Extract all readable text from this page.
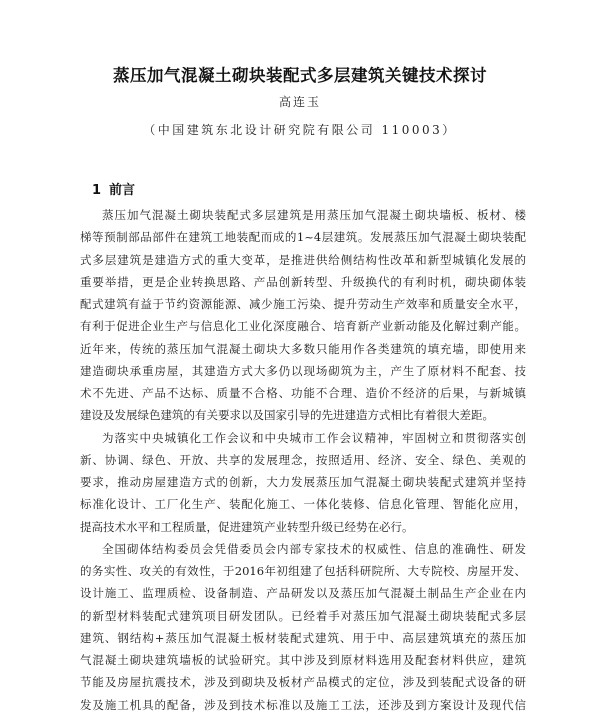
蒸压加气混凝土砌块装配式多层建筑关键技术探讨
高连玉
（中国建筑东北设计研究院有限公司 110003）
1 前言
蒸压加气混凝土砌块装配式多层建筑是用蒸压加气混凝土砌块墙板、板材、楼
梯等预制部品部件在建筑工地装配而成的1~4层建筑。发展蒸压加气混凝土砌块装配
式多层建筑是建造方式的重大变革，是推进供给侧结构性改革和新型城镇化发展的
重要举措，更是企业转换思路、产品创新转型、升级换代的有利时机，砌块砌体装
配式建筑有益于节约资源能源、减少施工污染、提升劳动生产效率和质量安全水平，
有利于促进企业生产与信息化工业化深度融合、培育新产业新动能及化解过剩产能。
近年来，传统的蒸压加气混凝土砌块大多数只能用作各类建筑的填充墙，即使用来
建造砌块承重房屋，其建造方式大多仍以现场砌筑为主，产生了原材料不配套、技
术不先进、产品不达标、质量不合格、功能不合理、造价不经济的后果，与新城镇
建设及发展绿色建筑的有关要求以及国家引导的先进建造方式相比有着很大差距。
为落实中央城镇化工作会议和中央城市工作会议精神，牢固树立和贯彻落实创
新、协调、绿色、开放、共享的发展理念，按照适用、经济、安全、绿色、美观的
要求，推动房屋建造方式的创新，大力发展蒸压加气混凝土砌块装配式建筑并坚持
标准化设计、工厂化生产、装配化施工、一体化装修、信息化管理、智能化应用，
提高技术水平和工程质量，促进建筑产业转型升级已经势在必行。
全国砌体结构委员会凭借委员会内部专家技术的权威性、信息的准确性、研发
的务实性、攻关的有效性，于2016年初组建了包括科研院所、大专院校、房屋开发、
设计施工、监理质检、设备制造、产品研发以及蒸压加气混凝土制品生产企业在内
的新型材料装配式建筑项目研发团队。已经着手对蒸压加气混凝土砌块装配式多层
建筑、钢结构+蒸压加气混凝土板材装配式建筑、用于中、高层建筑填充的蒸压加
气混凝土砌块建筑墙板的试验研究。其中涉及到原材料选用及配套材料供应，建筑
节能及房屋抗震技术，涉及到砌块及板材产品模式的定位，涉及到装配式设备的研
发及施工机具的配备，涉及到技术标准以及施工工法，还涉及到方案设计及现代信
